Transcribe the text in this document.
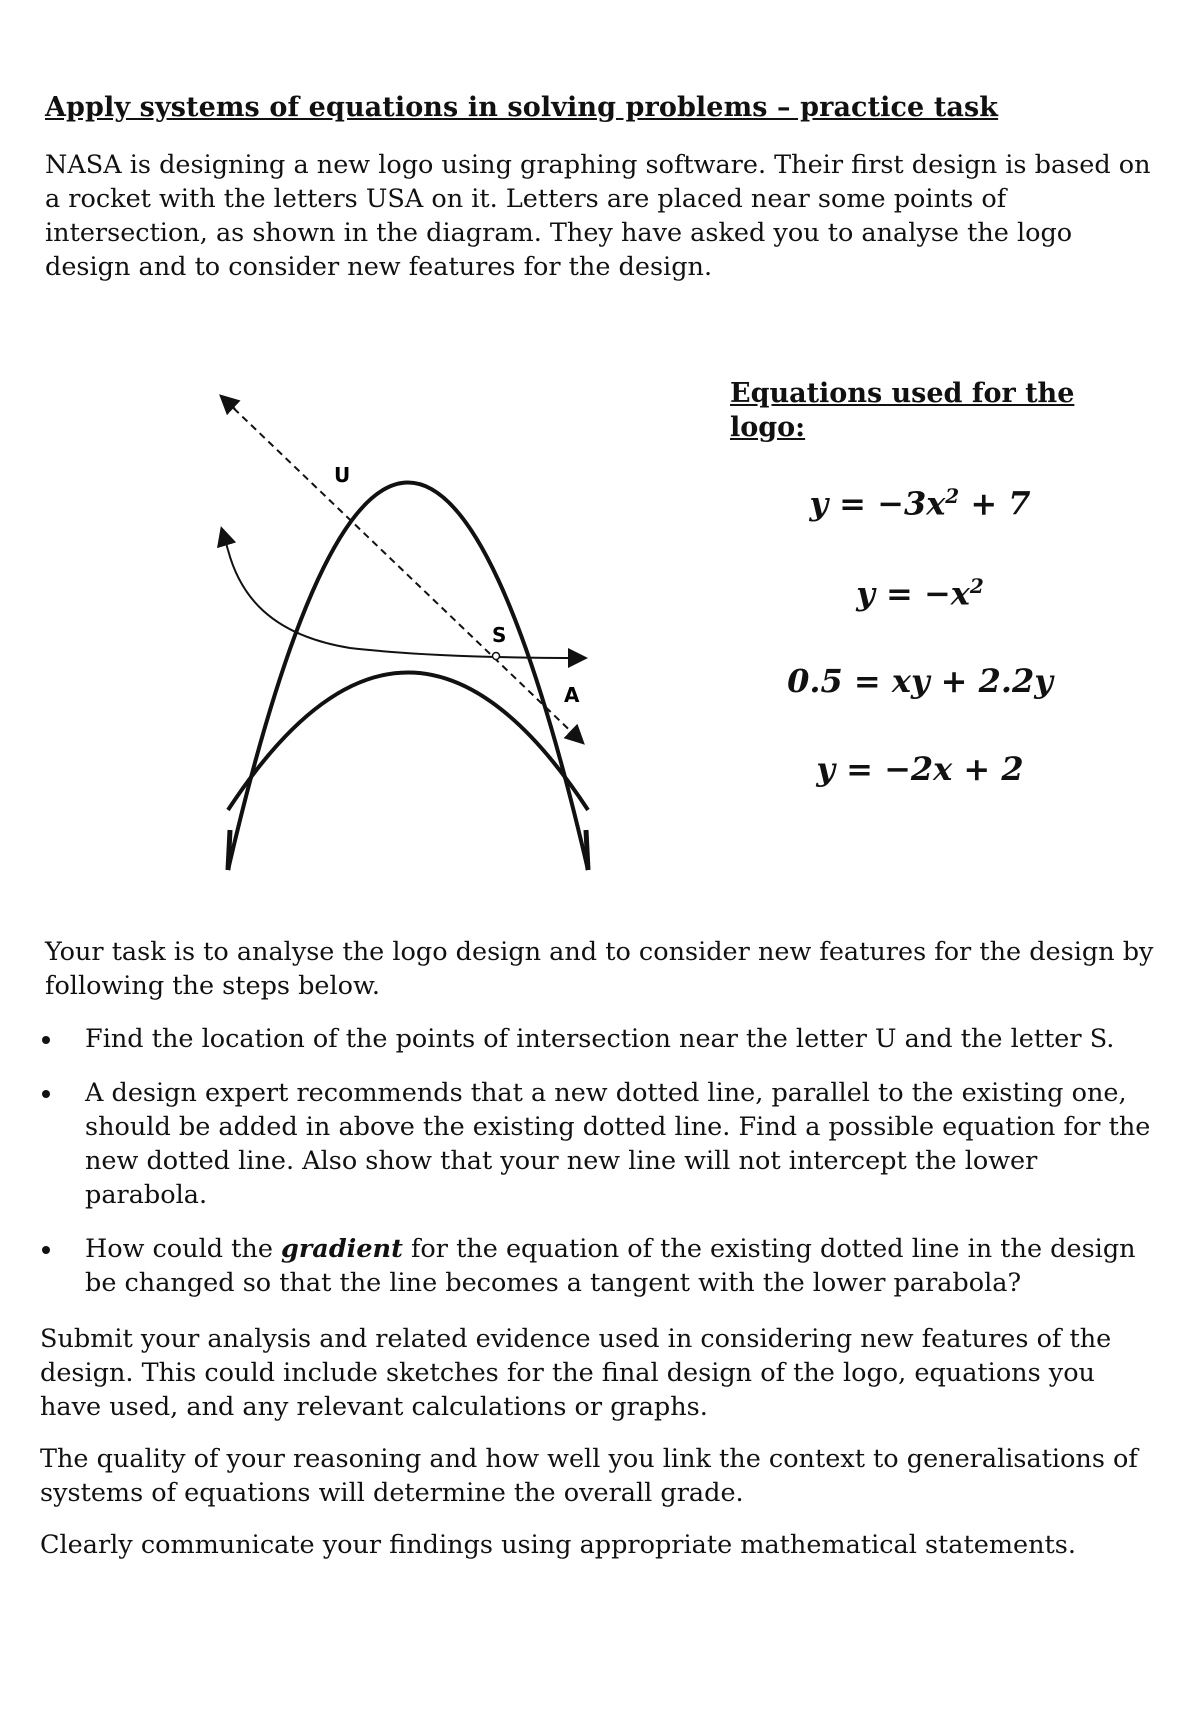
Apply systems of equations in solving problems – practice task
NASA is designing a new logo using graphing software. Their first design is based on a rocket with the letters USA on it. Letters are placed near some points of intersection, as shown in the diagram. They have asked you to analyse the logo design and to consider new features for the design.
U
S
A
Equations used for the logo:
$y = -3x^2 + 7$
$y = -x^2$
0.5 = xy + 2.2y
y = −2x + 2
Your task is to analyse the logo design and to consider new features for the design by following the steps below.
Find the location of the points of intersection near the letter U and the letter S.
A design expert recommends that a new dotted line, parallel to the existing one, should be added in above the existing dotted line. Find a possible equation for the new dotted line. Also show that your new line will not intercept the lower parabola.
How could the gradient for the equation of the existing dotted line in the design be changed so that the line becomes a tangent with the lower parabola?
Submit your analysis and related evidence used in considering new features of the design. This could include sketches for the final design of the logo, equations you have used, and any relevant calculations or graphs.
The quality of your reasoning and how well you link the context to generalisations of systems of equations will determine the overall grade.
Clearly communicate your findings using appropriate mathematical statements.
